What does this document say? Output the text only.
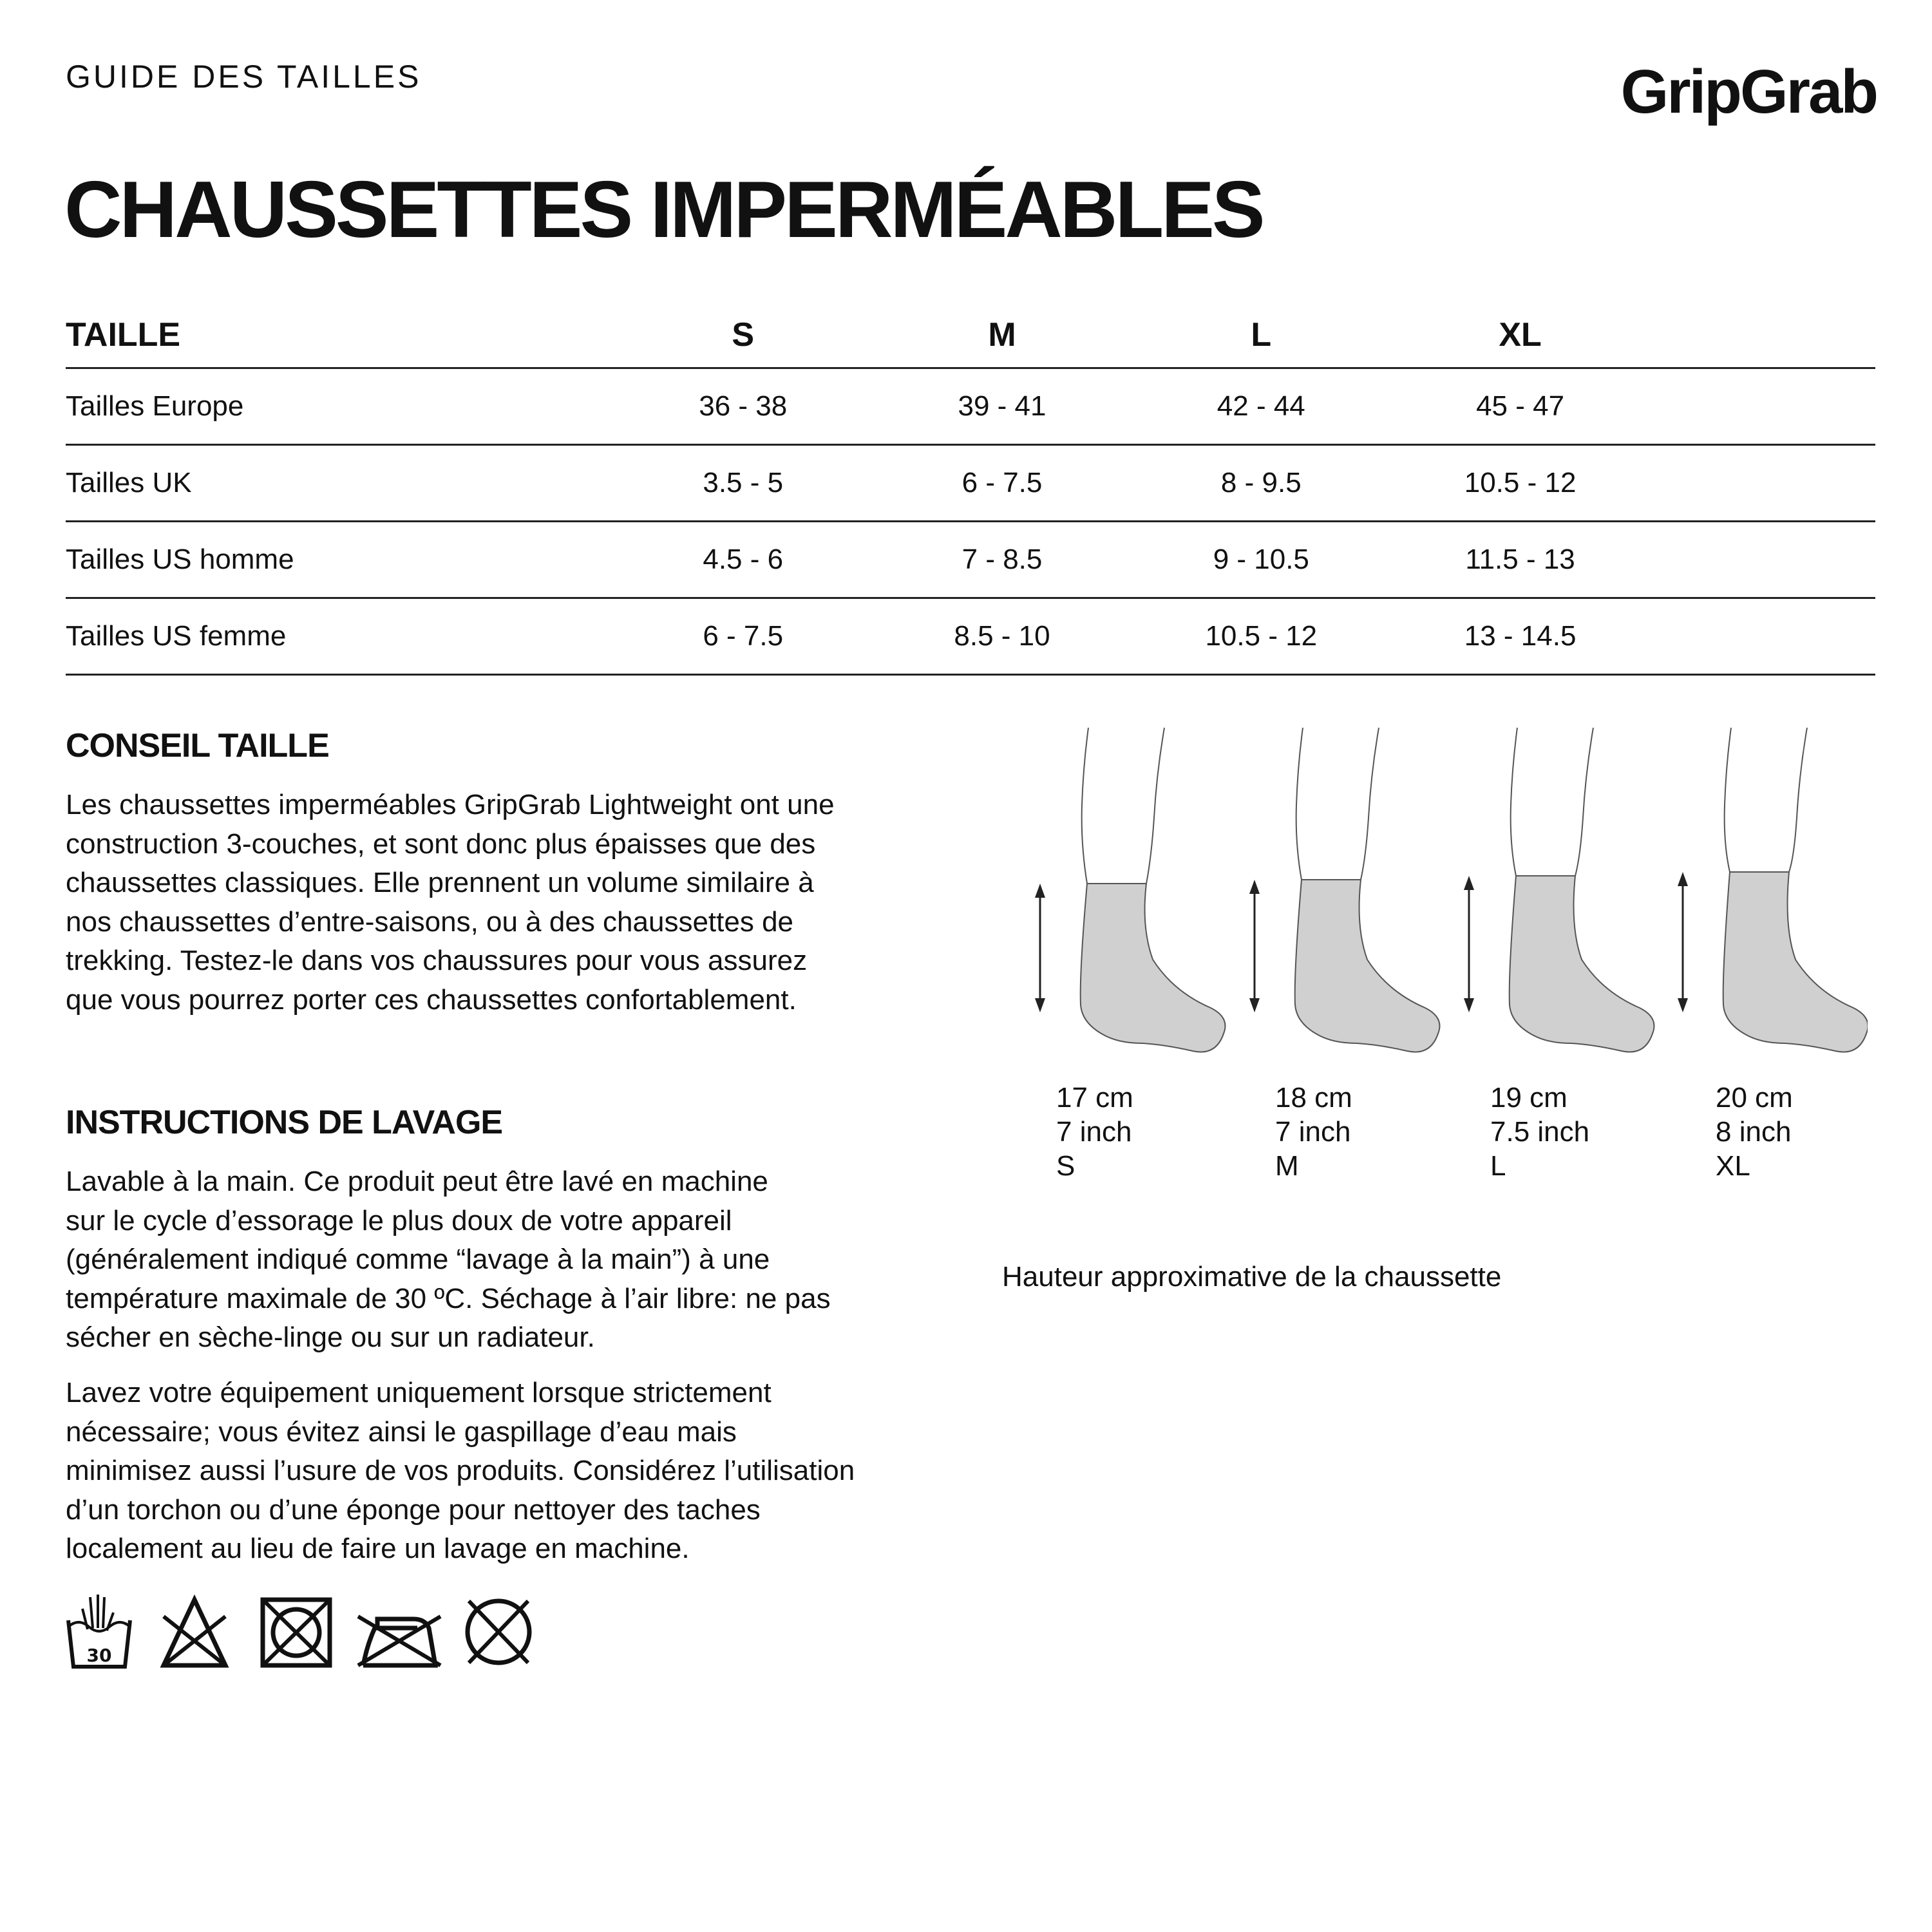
GUIDE DES TAILLES	GripGrab
CHAUSSETTES IMPERMÉABLES
TAILLE	S	M	L	XL	
Tailles Europe	36 - 38	39 - 41	42 - 44	45 - 47	
Tailles UK	3.5 - 5	6 - 7.5	8 - 9.5	10.5 - 12	
Tailles US homme	4.5 - 6	7 - 8.5	9 - 10.5	11.5 - 13	
Tailles US femme	6 - 7.5	8.5 - 10	10.5 - 12	13 - 14.5	
CONSEIL TAILLE
Les chaussettes imperméables GripGrab Lightweight ont une
construction 3-couches, et sont donc plus épaisses que des
chaussettes classiques. Elle prennent un volume similaire à
nos chaussettes d’entre-saisons, ou à des chaussettes de
trekking. Testez-le dans vos chaussures pour vous assurez
que vous pourrez porter ces chaussettes confortablement.
INSTRUCTIONS DE LAVAGE
Lavable à la main. Ce produit peut être lavé en machine
sur le cycle d’essorage le plus doux de votre appareil
(généralement indiqué comme “lavage à la main”) à une
température maximale de 30 ºC. Séchage à l’air libre: ne pas
sécher en sèche-linge ou sur un radiateur.
Lavez votre équipement uniquement lorsque strictement
nécessaire; vous évitez ainsi le gaspillage d’eau mais
minimisez aussi l’usure de vos produits. Considérez l’utilisation
d’un torchon ou d’une éponge pour nettoyer des taches
localement au lieu de faire un lavage en machine.
30
17 cm
7 inch
S
18 cm
7 inch
M
19 cm
7.5 inch
L
20 cm
8 inch
XL
Hauteur approximative de la chaussette
